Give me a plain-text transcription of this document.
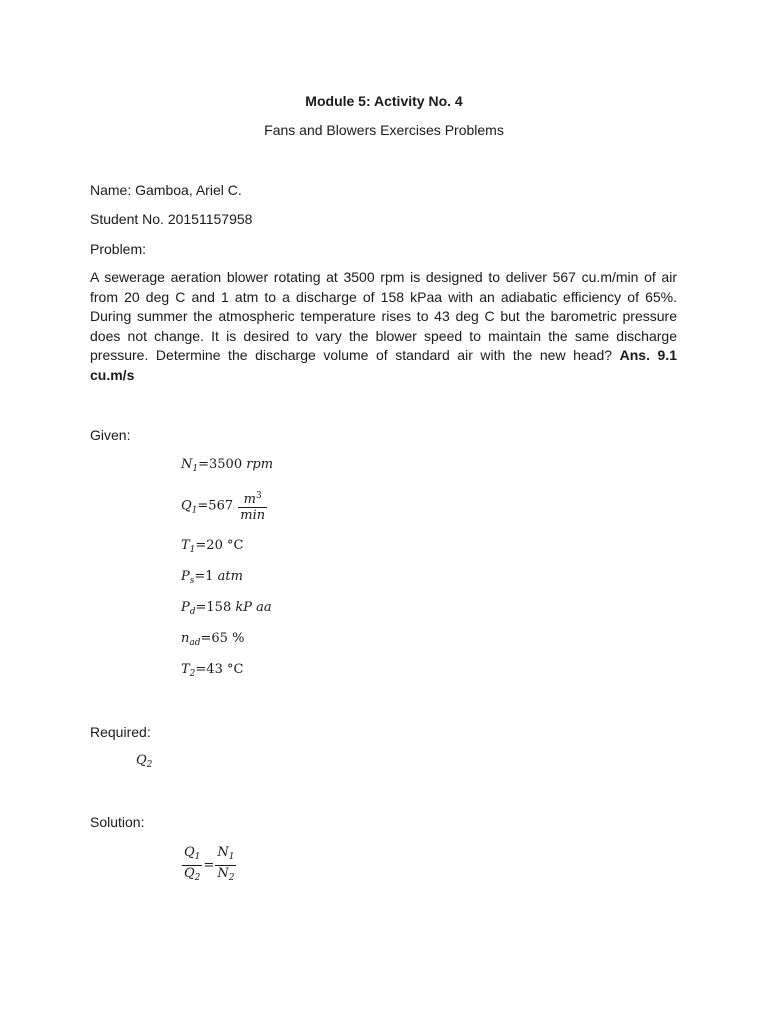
Module 5: Activity No. 4
Fans and Blowers Exercises Problems
Name: Gamboa, Ariel C.
Student No. 20151157958
Problem:
A sewerage aeration blower rotating at 3500 rpm is designed to deliver 567 cu.m/min of air from 20 deg C and 1 atm to a discharge of 158 kPaa with an adiabatic efficiency of 65%. During summer the atmospheric temperature rises to 43 deg C but the barometric pressure does not change. It is desired to vary the blower speed to maintain the same discharge pressure. Determine the discharge volume of standard air with the new head? Ans. 9.1 cu.m/s
Given:
$N_1=3500$ rpm
$Q_1=567 \frac{m^3}{\min}$
$T_1=20$ °C
$P_s=1$ atm
$P_d=158$ kP aa
$n_{ad}=65$ %
$T_2=43$ °C
Required:
$Q_2$
Solution:
$\frac{Q_1}{Q_2} = \frac{N_1}{N_2}$
